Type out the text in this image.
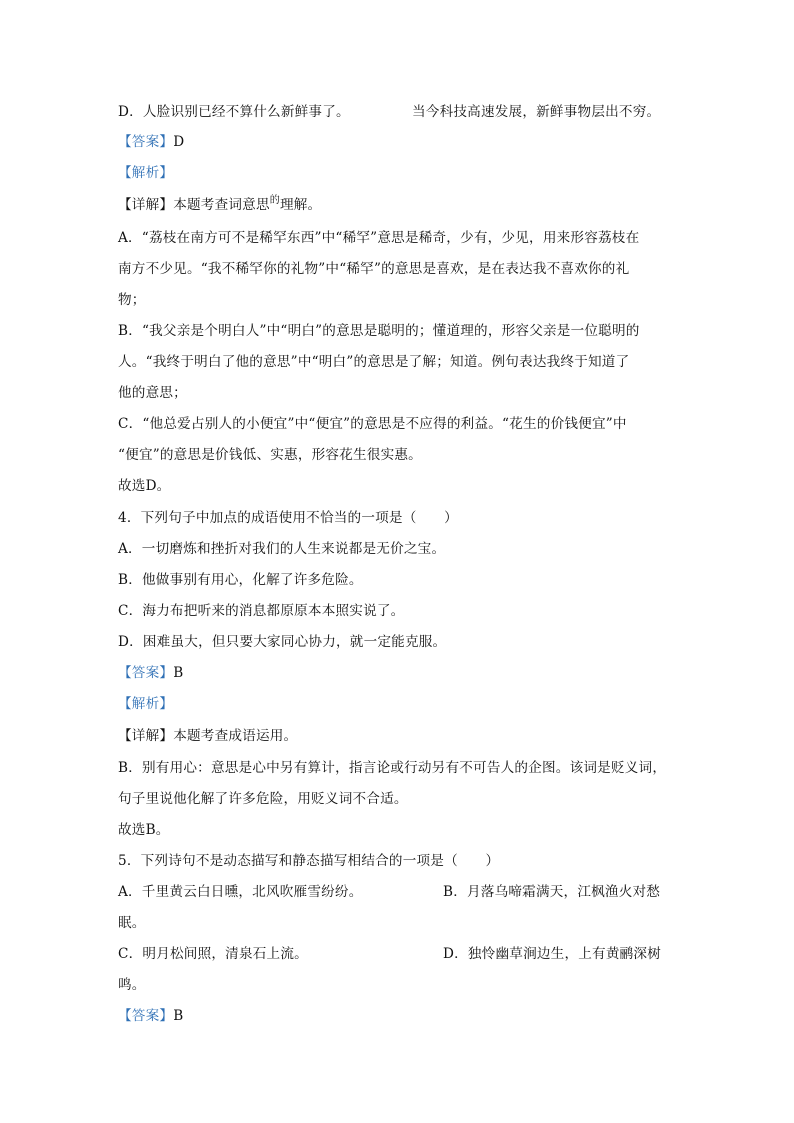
D．人脸识别已经不算什么新鲜事了。	当今科技高速发展，新鲜事物层出不穷。
【答案】D
【解析】
【详解】本题考查词意思$^的$理解。
A．“荔枝在南方可不是稀罕东西”中“稀罕”意思是稀奇，少有，少见，用来形容荔枝在
南方不少见。“我不稀罕你的礼物”中“稀罕”的意思是喜欢，是在表达我不喜欢你的礼
物；
B．“我父亲是个明白人”中“明白”的意思是聪明的；懂道理的，形容父亲是一位聪明的
人。“我终于明白了他的意思”中“明白”的意思是了解；知道。例句表达我终于知道了
他的意思；
C．“他总爱占别人的小便宜”中“便宜”的意思是不应得的利益。“花生的价钱便宜”中
“便宜”的意思是价钱低、实惠，形容花生很实惠。
故选D。
4．下列句子中加点的成语使用不恰当的一项是（　　）
A．一切磨炼和挫折对我们的人生来说都是无价之宝。
B．他做事别有用心，化解了许多危险。
C．海力布把听来的消息都原原本本照实说了。
D．困难虽大，但只要大家同心协力，就一定能克服。
【答案】B
【解析】
【详解】本题考查成语运用。
B．别有用心：意思是心中另有算计，指言论或行动另有不可告人的企图。该词是贬义词，
句子里说他化解了许多危险，用贬义词不合适。
故选B。
5．下列诗句不是动态描写和静态描写相结合的一项是（　　）
A．千里黄云白日曛，北风吹雁雪纷纷。	B．月落乌啼霜满天，江枫渔火对愁
眠。
C．明月松间照，清泉石上流。	D．独怜幽草涧边生，上有黄鹂深树
鸣。
【答案】B
